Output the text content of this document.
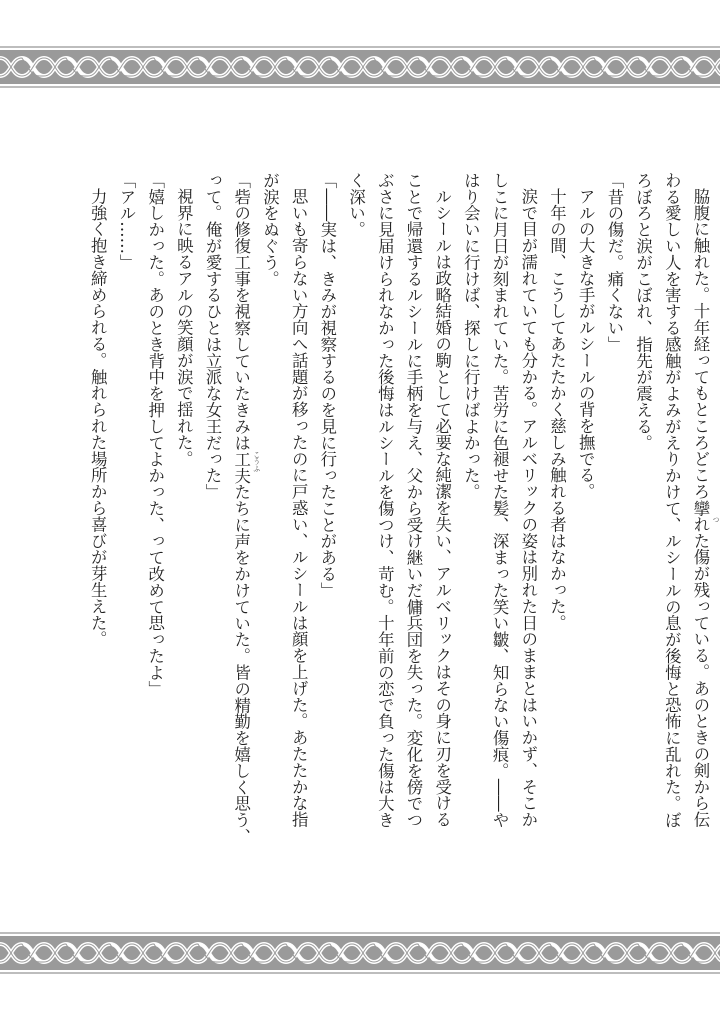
脇腹に触れた。十年経ってもところどころ攣
つ
れた傷が残っている。あのときの剣から伝
わる愛しい人を害する感触がよみがえりかけて、ルシールの息が後悔と恐怖に乱れた。ぼ
ろぼろと涙がこぼれ、指先が震える。
「昔の傷だ。痛くない」
アルの大きな手がルシールの背を撫でる。
十年の間、こうしてあたたかく慈しみ触れる者はなかった。
涙で目が濡れていても分かる。アルベリックの姿は別れた日のままとはいかず、そこか
しこに月日が刻まれていた。苦労に色褪せた髪、深まった笑い皺、知らない傷痕。――や
はり会いに行けば、探しに行けばよかった。
ルシールは政略結婚の駒として必要な純潔を失い、アルベリックはその身に刃を受ける
ことで帰還するルシールに手柄を与え、父から受け継いだ傭兵団を失った。変化を傍でつ
ぶさに見届けられなかった後悔はルシールを傷つけ、苛む。十年前の恋で負った傷は大き
く深い。
「――実は、きみが視察するのを見に行ったことがある」
思いも寄らない方向へ話題が移ったのに戸惑い、ルシールは顔を上げた。あたたかな指
が涙をぬぐう。
「砦の修復工事を視察していたきみは工夫 こうふ
たちに声をかけていた。皆の精勤を嬉しく思う、
って。俺が愛するひとは立派な女王だった」
視界に映るアルの笑顔が涙で揺れた。
「嬉しかった。あのとき背中を押してよかった、って改めて思ったよ」
「アル……」
力強く抱き締められる。触れられた場所から喜びが芽生えた。
